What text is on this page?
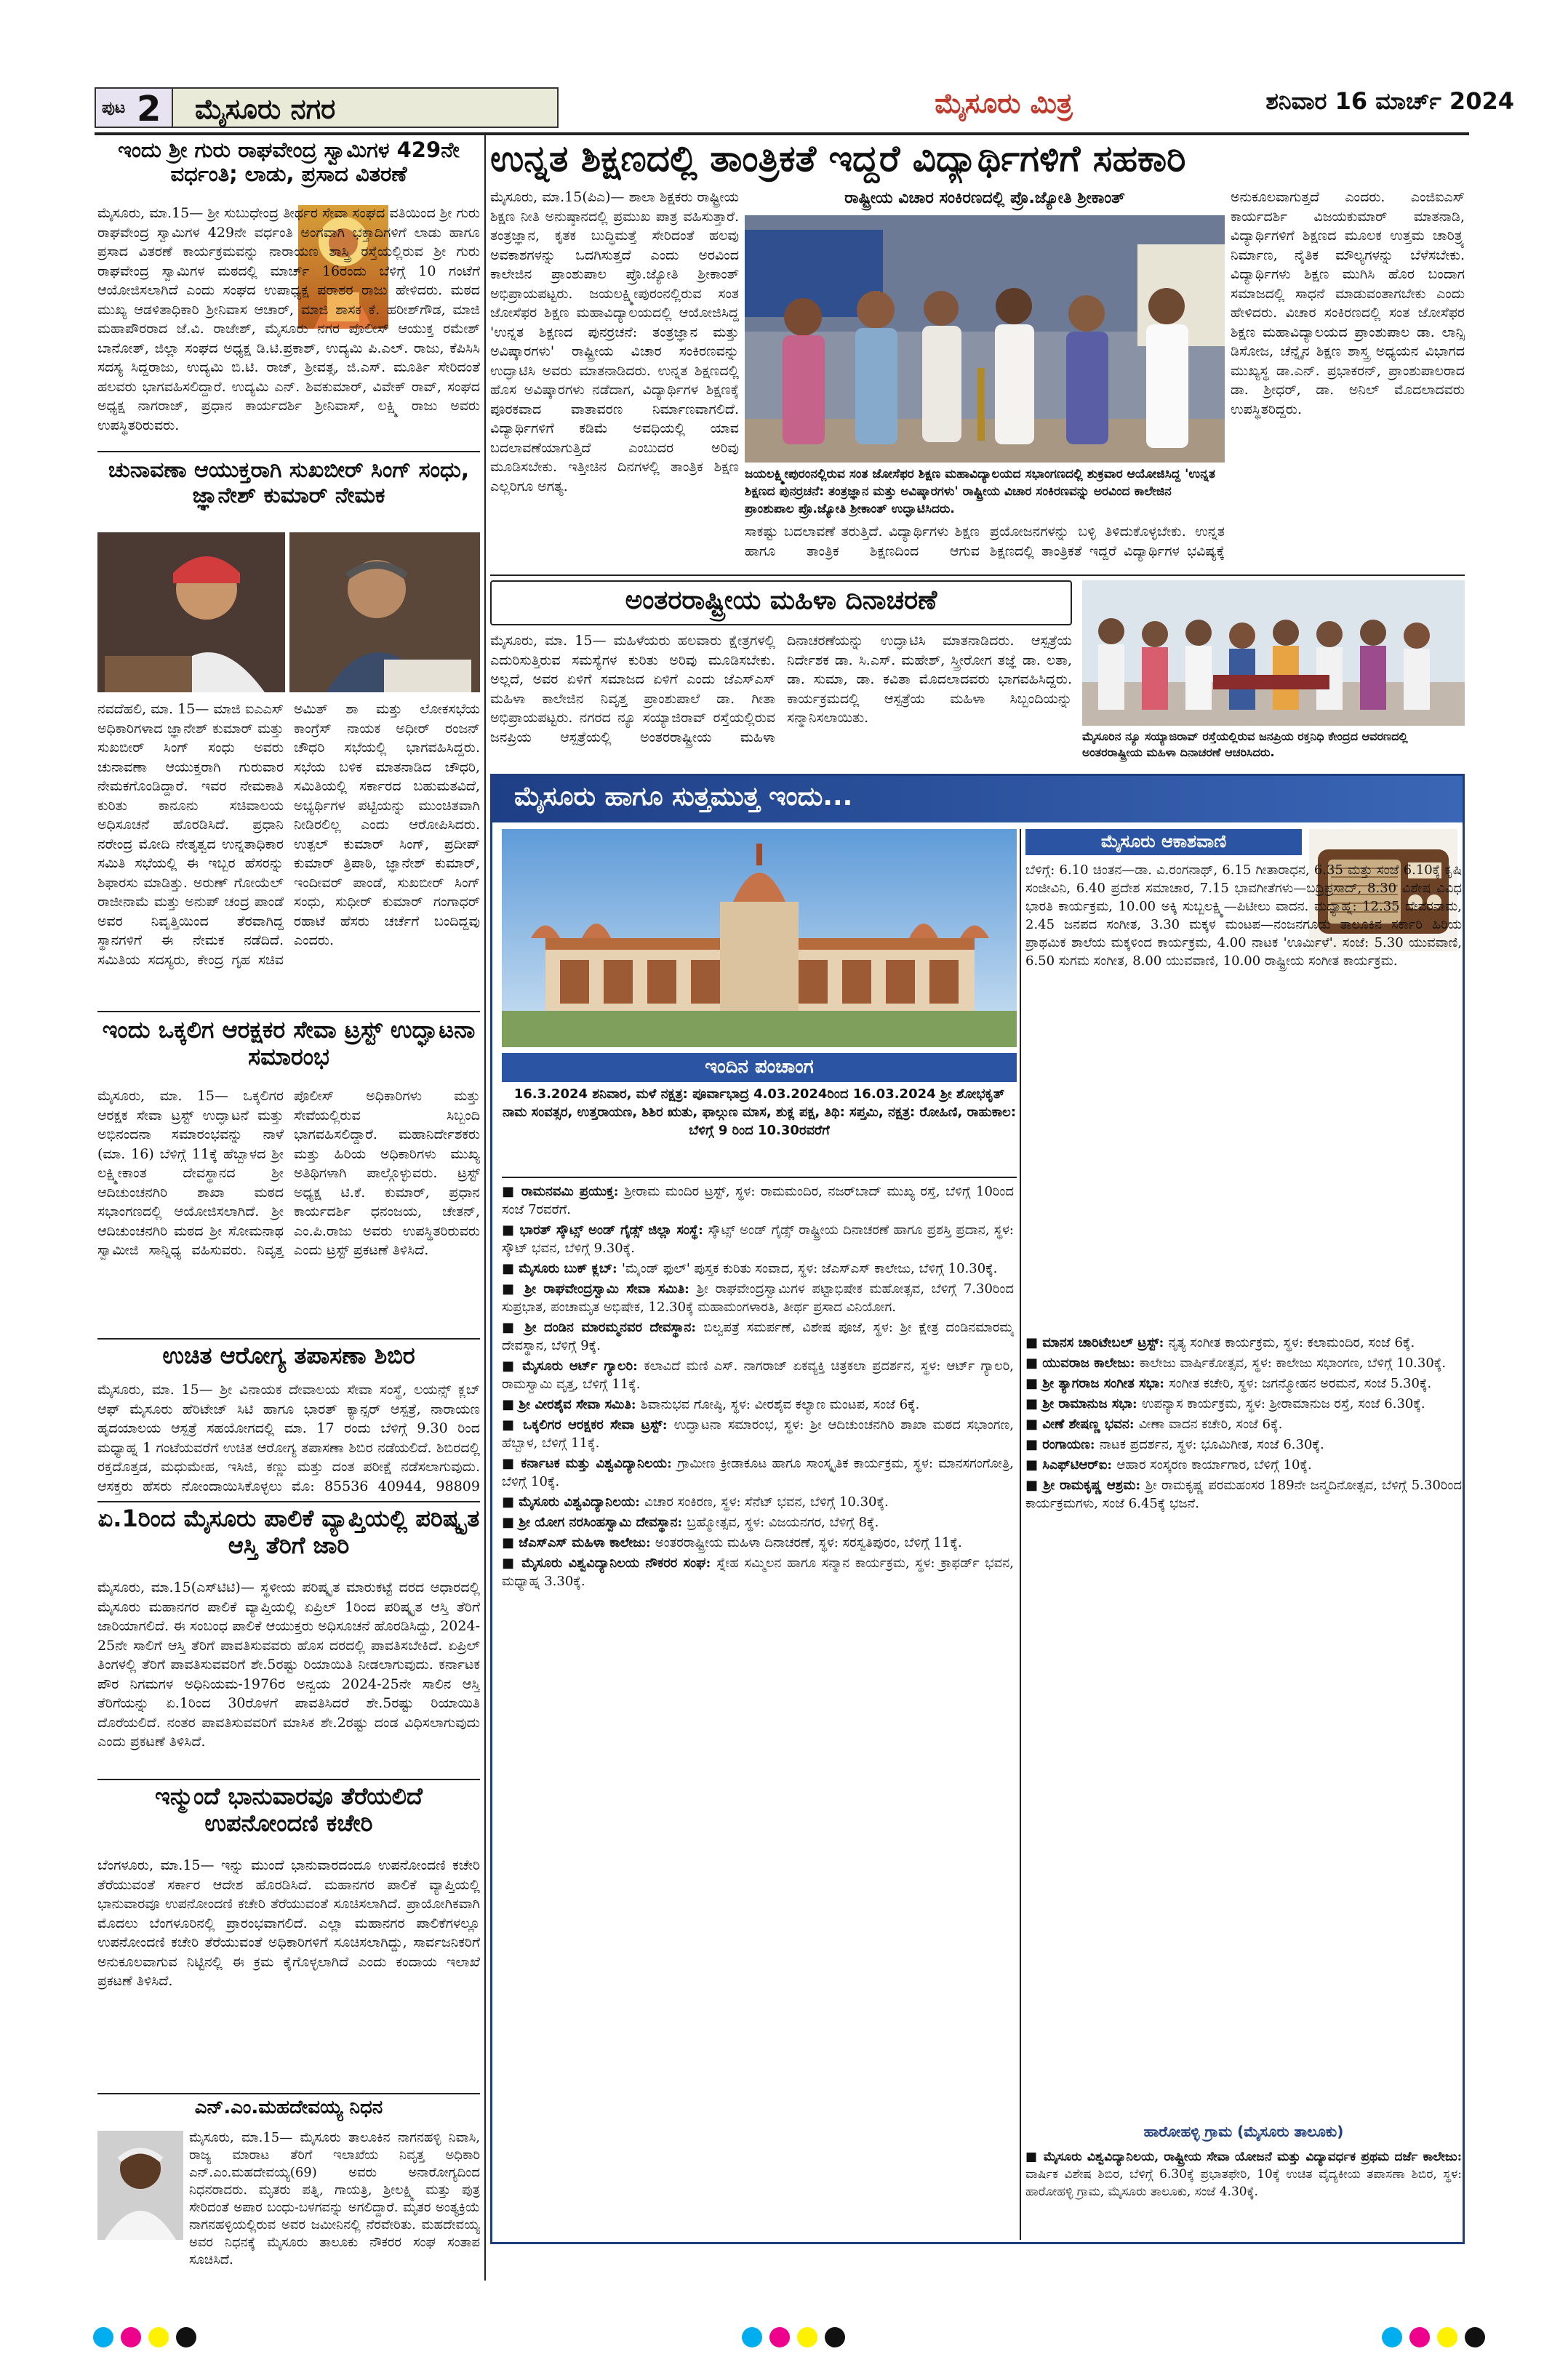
ಪುಟ 2 ಮೈಸೂರು ನಗರ	ಮೈಸೂರು ಮಿತ್ರ	ಶನಿವಾರ 16 ಮಾರ್ಚ್ 2024
ಇಂದು ಶ್ರೀ ಗುರು ರಾಘವೇಂದ್ರ ಸ್ವಾಮಿಗಳ 429ನೇ ವರ್ಧಂತಿ; ಲಾಡು, ಪ್ರಸಾದ ವಿತರಣೆ
ಮೈಸೂರು, ಮಾ.15— ಶ್ರೀ ಸುಬುಧೇಂದ್ರ ತೀರ್ಥರ ಸೇವಾ ಸಂಘದ ವತಿಯಿಂದ ಶ್ರೀ ಗುರು ರಾಘವೇಂದ್ರ ಸ್ವಾಮಿಗಳ 429ನೇ ವರ್ಧಂತಿ ಅಂಗವಾಗಿ ಭಕ್ತಾದಿಗಳಿಗೆ ಲಾಡು ಹಾಗೂ ಪ್ರಸಾದ ವಿತರಣೆ ಕಾರ್ಯಕ್ರಮವನ್ನು ನಾರಾಯಣ ಶಾಸ್ತ್ರಿ ರಸ್ತೆಯಲ್ಲಿರುವ ಶ್ರೀ ಗುರು ರಾಘವೇಂದ್ರ ಸ್ವಾಮಿಗಳ ಮಠದಲ್ಲಿ ಮಾರ್ಚ್ 16ರಂದು ಬೆಳಿಗ್ಗೆ 10 ಗಂಟೆಗೆ ಆಯೋಜಿಸಲಾಗಿದೆ ಎಂದು ಸಂಘದ ಉಪಾಧ್ಯಕ್ಷ ಪರಾಶರ ರಾಜು ಹೇಳಿದರು. ಮಠದ ಮುಖ್ಯ ಆಡಳಿತಾಧಿಕಾರಿ ಶ್ರೀನಿವಾಸ ಆಚಾರ್, ಮಾಜಿ ಶಾಸಕ ಕೆ. ಹರೀಶ್‌ಗೌಡ, ಮಾಜಿ ಮಹಾಪೌರರಾದ ಜೆ.ವಿ. ರಾಜೇಶ್, ಮೈಸೂರು ನಗರ ಪೊಲೀಸ್ ಆಯುಕ್ತ ರಮೇಶ್ ಬಾನೋತ್, ಜಿಲ್ಲಾ ಸಂಘದ ಅಧ್ಯಕ್ಷ ಡಿ.ಟಿ.ಪ್ರಕಾಶ್, ಉದ್ಯಮಿ ಪಿ.ಎಲ್. ರಾಜು, ಕೆಪಿಸಿಸಿ ಸದಸ್ಯ ಸಿದ್ದರಾಜು, ಉದ್ಯಮಿ ಬಿ.ಟಿ. ರಾಜ್, ಶ್ರೀವತ್ಸ, ಜಿ.ಎಸ್. ಮೂರ್ತಿ ಸೇರಿದಂತೆ ಹಲವರು ಭಾಗವಹಿಸಲಿದ್ದಾರೆ. ಉದ್ಯಮಿ ಎನ್. ಶಿವಕುಮಾರ್, ವಿವೇಕ್ ರಾವ್, ಸಂಘದ ಅಧ್ಯಕ್ಷ ನಾಗರಾಜ್, ಪ್ರಧಾನ ಕಾರ್ಯದರ್ಶಿ ಶ್ರೀನಿವಾಸ್, ಲಕ್ಷ್ಮಿ ರಾಜು ಅವರು ಉಪಸ್ಥಿತರಿರುವರು.
ಚುನಾವಣಾ ಆಯುಕ್ತರಾಗಿ ಸುಖಬೀರ್ ಸಿಂಗ್ ಸಂಧು, ಜ್ಞಾನೇಶ್ ಕುಮಾರ್ ನೇಮಕ
ನವದೆಹಲಿ, ಮಾ. 15— ಮಾಜಿ ಐಎಎಸ್ ಅಧಿಕಾರಿಗಳಾದ ಜ್ಞಾನೇಶ್ ಕುಮಾರ್ ಮತ್ತು ಸುಖಬೀರ್ ಸಿಂಗ್ ಸಂಧು ಅವರು ಚುನಾವಣಾ ಆಯುಕ್ತರಾಗಿ ಗುರುವಾರ ನೇಮಕಗೊಂಡಿದ್ದಾರೆ. ಇವರ ನೇಮಕಾತಿ ಕುರಿತು ಕಾನೂನು ಸಚಿವಾಲಯ ಅಧಿಸೂಚನೆ ಹೊರಡಿಸಿದೆ. ಪ್ರಧಾನಿ ನರೇಂದ್ರ ಮೋದಿ ನೇತೃತ್ವದ ಉನ್ನತಾಧಿಕಾರ ಸಮಿತಿ ಸಭೆಯಲ್ಲಿ ಈ ಇಬ್ಬರ ಹೆಸರನ್ನು ಶಿಫಾರಸು ಮಾಡಿತ್ತು. ಅರುಣ್ ಗೋಯೆಲ್ ರಾಜೀನಾಮೆ ಮತ್ತು ಅನುಪ್ ಚಂದ್ರ ಪಾಂಡೆ ಅವರ ನಿವೃತ್ತಿಯಿಂದ ತೆರವಾಗಿದ್ದ ಸ್ಥಾನಗಳಿಗೆ ಈ ನೇಮಕ ನಡೆದಿದೆ. ಸಮಿತಿಯ ಸದಸ್ಯರು, ಕೇಂದ್ರ ಗೃಹ ಸಚಿವ ಅಮಿತ್ ಶಾ ಮತ್ತು ಲೋಕಸಭೆಯ ಕಾಂಗ್ರೆಸ್ ನಾಯಕ ಅಧೀರ್ ರಂಜನ್ ಚೌಧರಿ ಸಭೆಯಲ್ಲಿ ಭಾಗವಹಿಸಿದ್ದರು. ಸಭೆಯ ಬಳಿಕ ಮಾತನಾಡಿದ ಚೌಧರಿ, ಸಮಿತಿಯಲ್ಲಿ ಸರ್ಕಾರದ ಬಹುಮತವಿದೆ, ಅಭ್ಯರ್ಥಿಗಳ ಪಟ್ಟಿಯನ್ನು ಮುಂಚಿತವಾಗಿ ನೀಡಿರಲಿಲ್ಲ ಎಂದು ಆರೋಪಿಸಿದರು. ಉತ್ಪಲ್ ಕುಮಾರ್ ಸಿಂಗ್, ಪ್ರದೀಪ್ ಕುಮಾರ್ ತ್ರಿಪಾಠಿ, ಜ್ಞಾನೇಶ್ ಕುಮಾರ್, ಇಂದೀವರ್ ಪಾಂಡೆ, ಸುಖಬೀರ್ ಸಿಂಗ್ ಸಂಧು, ಸುಧೀರ್ ಕುಮಾರ್ ಗಂಗಾಧರ್ ರಹಾಟೆ ಹೆಸರು ಚರ್ಚೆಗೆ ಬಂದಿದ್ದವು ಎಂದರು.
ಇಂದು ಒಕ್ಕಲಿಗ ಆರಕ್ಷಕರ ಸೇವಾ ಟ್ರಸ್ಟ್ ಉದ್ಘಾಟನಾ ಸಮಾರಂಭ
ಮೈಸೂರು, ಮಾ. 15— ಒಕ್ಕಲಿಗರ ಆರಕ್ಷಕ ಸೇವಾ ಟ್ರಸ್ಟ್ ಉದ್ಘಾಟನೆ ಮತ್ತು ಅಭಿನಂದನಾ ಸಮಾರಂಭವನ್ನು ನಾಳೆ (ಮಾ. 16) ಬೆಳಿಗ್ಗೆ 11ಕ್ಕೆ ಹೆಬ್ಬಾಳದ ಶ್ರೀ ಲಕ್ಷ್ಮೀಕಾಂತ ದೇವಸ್ಥಾನದ ಶ್ರೀ ಆದಿಚುಂಚನಗಿರಿ ಶಾಖಾ ಮಠದ ಸಭಾಂಗಣದಲ್ಲಿ ಆಯೋಜಿಸಲಾಗಿದೆ. ಶ್ರೀ ಆದಿಚುಂಚನಗಿರಿ ಮಠದ ಶ್ರೀ ಸೋಮನಾಥ ಸ್ವಾಮೀಜಿ ಸಾನ್ನಿಧ್ಯ ವಹಿಸುವರು. ನಿವೃತ್ತ ಪೊಲೀಸ್ ಅಧಿಕಾರಿಗಳು ಮತ್ತು ಸೇವೆಯಲ್ಲಿರುವ ಸಿಬ್ಬಂದಿ ಭಾಗವಹಿಸಲಿದ್ದಾರೆ. ಮಹಾನಿರ್ದೇಶಕರು ಮತ್ತು ಹಿರಿಯ ಅಧಿಕಾರಿಗಳು ಮುಖ್ಯ ಅತಿಥಿಗಳಾಗಿ ಪಾಲ್ಗೊಳ್ಳುವರು. ಟ್ರಸ್ಟ್ ಅಧ್ಯಕ್ಷ ಟಿ.ಕೆ. ಕುಮಾರ್, ಪ್ರಧಾನ ಕಾರ್ಯದರ್ಶಿ ಧನಂಜಯ, ಚೇತನ್, ಎಂ.ಪಿ.ರಾಜು ಅವರು ಉಪಸ್ಥಿತರಿರುವರು ಎಂದು ಟ್ರಸ್ಟ್ ಪ್ರಕಟಣೆ ತಿಳಿಸಿದೆ.
ಉಚಿತ ಆರೋಗ್ಯ ತಪಾಸಣಾ ಶಿಬಿರ
ಮೈಸೂರು, ಮಾ. 15— ಶ್ರೀ ವಿನಾಯಕ ದೇವಾಲಯ ಸೇವಾ ಸಂಸ್ಥೆ, ಲಯನ್ಸ್ ಕ್ಲಬ್ ಆಫ್ ಮೈಸೂರು ಹೆರಿಟೇಜ್ ಸಿಟಿ ಹಾಗೂ ಭಾರತ್ ಕ್ಯಾನ್ಸರ್ ಆಸ್ಪತ್ರೆ, ನಾರಾಯಣ ಹೃದಯಾಲಯ ಆಸ್ಪತ್ರೆ ಸಹಯೋಗದಲ್ಲಿ ಮಾ. 17 ರಂದು ಬೆಳಿಗ್ಗೆ 9.30 ರಿಂದ ಮಧ್ಯಾಹ್ನ 1 ಗಂಟೆಯವರೆಗೆ ಉಚಿತ ಆರೋಗ್ಯ ತಪಾಸಣಾ ಶಿಬಿರ ನಡೆಯಲಿದೆ. ಶಿಬಿರದಲ್ಲಿ ರಕ್ತದೊತ್ತಡ, ಮಧುಮೇಹ, ಇಸಿಜಿ, ಕಣ್ಣು ಮತ್ತು ದಂತ ಪರೀಕ್ಷೆ ನಡೆಸಲಾಗುವುದು. ಆಸಕ್ತರು ಹೆಸರು ನೋಂದಾಯಿಸಿಕೊಳ್ಳಲು ಮೊ: 85536 40944, 98809
ಏ.1ರಿಂದ ಮೈಸೂರು ಪಾಲಿಕೆ ವ್ಯಾಪ್ತಿಯಲ್ಲಿ ಪರಿಷ್ಕೃತ ಆಸ್ತಿ ತೆರಿಗೆ ಜಾರಿ
ಮೈಸೂರು, ಮಾ.15(ಎಸ್‌ಟಿಟಿ)— ಸ್ಥಳೀಯ ಪರಿಷ್ಕೃತ ಮಾರುಕಟ್ಟೆ ದರದ ಆಧಾರದಲ್ಲಿ ಮೈಸೂರು ಮಹಾನಗರ ಪಾಲಿಕೆ ವ್ಯಾಪ್ತಿಯಲ್ಲಿ ಏಪ್ರಿಲ್ 1ರಿಂದ ಪರಿಷ್ಕೃತ ಆಸ್ತಿ ತೆರಿಗೆ ಜಾರಿಯಾಗಲಿದೆ. ಈ ಸಂಬಂಧ ಪಾಲಿಕೆ ಆಯುಕ್ತರು ಅಧಿಸೂಚನೆ ಹೊರಡಿಸಿದ್ದು, 2024-25ನೇ ಸಾಲಿಗೆ ಆಸ್ತಿ ತೆರಿಗೆ ಪಾವತಿಸುವವರು ಹೊಸ ದರದಲ್ಲಿ ಪಾವತಿಸಬೇಕಿದೆ. ಏಪ್ರಿಲ್ ತಿಂಗಳಲ್ಲಿ ತೆರಿಗೆ ಪಾವತಿಸುವವರಿಗೆ ಶೇ.5ರಷ್ಟು ರಿಯಾಯಿತಿ ನೀಡಲಾಗುವುದು. ಕರ್ನಾಟಕ ಪೌರ ನಿಗಮಗಳ ಅಧಿನಿಯಮ-1976ರ ಅನ್ವಯ 2024-25ನೇ ಸಾಲಿನ ಆಸ್ತಿ ತೆರಿಗೆಯನ್ನು ಏ.1ರಿಂದ 30ರೊಳಗೆ ಪಾವತಿಸಿದರೆ ಶೇ.5ರಷ್ಟು ರಿಯಾಯಿತಿ ದೊರೆಯಲಿದೆ. ನಂತರ ಪಾವತಿಸುವವರಿಗೆ ಮಾಸಿಕ ಶೇ.2ರಷ್ಟು ದಂಡ ವಿಧಿಸಲಾಗುವುದು ಎಂದು ಪ್ರಕಟಣೆ ತಿಳಿಸಿದೆ.
ಇನ್ಮುಂದೆ ಭಾನುವಾರವೂ ತೆರೆಯಲಿದೆ ಉಪನೋಂದಣಿ ಕಚೇರಿ
ಬೆಂಗಳೂರು, ಮಾ.15— ಇನ್ನು ಮುಂದೆ ಭಾನುವಾರದಂದೂ ಉಪನೋಂದಣಿ ಕಚೇರಿ ತೆರೆಯುವಂತೆ ಸರ್ಕಾರ ಆದೇಶ ಹೊರಡಿಸಿದೆ. ಮಹಾನಗರ ಪಾಲಿಕೆ ವ್ಯಾಪ್ತಿಯಲ್ಲಿ ಭಾನುವಾರವೂ ಉಪನೋಂದಣಿ ಕಚೇರಿ ತೆರೆಯುವಂತೆ ಸೂಚಿಸಲಾಗಿದೆ. ಪ್ರಾಯೋಗಿಕವಾಗಿ ಮೊದಲು ಬೆಂಗಳೂರಿನಲ್ಲಿ ಪ್ರಾರಂಭವಾಗಲಿದೆ. ಎಲ್ಲಾ ಮಹಾನಗರ ಪಾಲಿಕೆಗಳಲ್ಲೂ ಉಪನೋಂದಣಿ ಕಚೇರಿ ತೆರೆಯುವಂತೆ ಅಧಿಕಾರಿಗಳಿಗೆ ಸೂಚಿಸಲಾಗಿದ್ದು, ಸಾರ್ವಜನಿಕರಿಗೆ ಅನುಕೂಲವಾಗುವ ನಿಟ್ಟಿನಲ್ಲಿ ಈ ಕ್ರಮ ಕೈಗೊಳ್ಳಲಾಗಿದೆ ಎಂದು ಕಂದಾಯ ಇಲಾಖೆ ಪ್ರಕಟಣೆ ತಿಳಿಸಿದೆ.
ಎನ್.ಎಂ.ಮಹದೇವಯ್ಯ ನಿಧನ
ಮೈಸೂರು, ಮಾ.15— ಮೈಸೂರು ತಾಲೂಕಿನ ನಾಗನಹಳ್ಳಿ ನಿವಾಸಿ, ರಾಜ್ಯ ಮಾರಾಟ ತೆರಿಗೆ ಇಲಾಖೆಯ ನಿವೃತ್ತ ಅಧಿಕಾರಿ ಎನ್.ಎಂ.ಮಹದೇವಯ್ಯ(69) ಅವರು ಅನಾರೋಗ್ಯದಿಂದ ನಿಧನರಾದರು. ಮೃತರು ಪತ್ನಿ, ಗಾಯತ್ರಿ, ಶ್ರೀಲಕ್ಷ್ಮಿ ಮತ್ತು ಪುತ್ರ ಸೇರಿದಂತೆ ಅಪಾರ ಬಂಧು-ಬಳಗವನ್ನು ಅಗಲಿದ್ದಾರೆ. ಮೃತರ ಅಂತ್ಯಕ್ರಿಯೆ ನಾಗನಹಳ್ಳಿಯಲ್ಲಿರುವ ಅವರ ಜಮೀನಿನಲ್ಲಿ ನೆರವೇರಿತು. ಮಹದೇವಯ್ಯ ಅವರ ನಿಧನಕ್ಕೆ ಮೈಸೂರು ತಾಲೂಕು ನೌಕರರ ಸಂಘ ಸಂತಾಪ ಸೂಚಿಸಿದೆ.
ಉನ್ನತ ಶಿಕ್ಷಣದಲ್ಲಿ ತಾಂತ್ರಿಕತೆ ಇದ್ದರೆ ವಿದ್ಯಾರ್ಥಿಗಳಿಗೆ ಸಹಕಾರಿ
ಮೈಸೂರು, ಮಾ.15(ಪಿಎ)— ಶಾಲಾ ಶಿಕ್ಷಕರು ರಾಷ್ಟ್ರೀಯ ಶಿಕ್ಷಣ ನೀತಿ ಅನುಷ್ಠಾನದಲ್ಲಿ ಪ್ರಮುಖ ಪಾತ್ರ ವಹಿಸುತ್ತಾರೆ. ತಂತ್ರಜ್ಞಾನ, ಕೃತಕ ಬುದ್ಧಿಮತ್ತೆ ಸೇರಿದಂತೆ ಹಲವು ಅವಕಾಶಗಳನ್ನು ಒದಗಿಸುತ್ತದೆ ಎಂದು ಅರವಿಂದ ಕಾಲೇಜಿನ ಪ್ರಾಂಶುಪಾಲ ಪ್ರೊ.ಜ್ಯೋತಿ ಶ್ರೀಕಾಂತ್ ಅಭಿಪ್ರಾಯಪಟ್ಟರು. ಜಯಲಕ್ಷ್ಮೀಪುರಂನಲ್ಲಿರುವ ಸಂತ ಜೋಸೆಫರ ಶಿಕ್ಷಣ ಮಹಾವಿದ್ಯಾಲಯದಲ್ಲಿ ಆಯೋಜಿಸಿದ್ದ 'ಉನ್ನತ ಶಿಕ್ಷಣದ ಪುನರ್ರಚನೆ: ತಂತ್ರಜ್ಞಾನ ಮತ್ತು ಅವಿಷ್ಕಾರಗಳು' ರಾಷ್ಟ್ರೀಯ ವಿಚಾರ ಸಂಕಿರಣವನ್ನು ಉದ್ಘಾಟಿಸಿ ಅವರು ಮಾತನಾಡಿದರು. ಉನ್ನತ ಶಿಕ್ಷಣದಲ್ಲಿ ಹೊಸ ಅವಿಷ್ಕಾರಗಳು ನಡೆದಾಗ, ವಿದ್ಯಾರ್ಥಿಗಳ ಶಿಕ್ಷಣಕ್ಕೆ ಪೂರಕವಾದ ವಾತಾವರಣ ನಿರ್ಮಾಣವಾಗಲಿದೆ. ವಿದ್ಯಾರ್ಥಿಗಳಿಗೆ ಕಡಿಮೆ ಅವಧಿಯಲ್ಲಿ ಯಾವ ಬದಲಾವಣೆಯಾಗುತ್ತಿದೆ ಎಂಬುದರ ಅರಿವು ಮೂಡಿಸಬೇಕು. ಇತ್ತೀಚಿನ ದಿನಗಳಲ್ಲಿ ತಾಂತ್ರಿಕ ಶಿಕ್ಷಣ ಎಲ್ಲರಿಗೂ ಅಗತ್ಯ.
ರಾಷ್ಟ್ರೀಯ ವಿಚಾರ ಸಂಕಿರಣದಲ್ಲಿ ಪ್ರೊ.ಜ್ಯೋತಿ ಶ್ರೀಕಾಂತ್
ಜಯಲಕ್ಷ್ಮೀಪುರಂನಲ್ಲಿರುವ ಸಂತ ಜೋಸೆಫರ ಶಿಕ್ಷಣ ಮಹಾವಿದ್ಯಾಲಯದ ಸಭಾಂಗಣದಲ್ಲಿ ಶುಕ್ರವಾರ ಆಯೋಜಿಸಿದ್ದ 'ಉನ್ನತ ಶಿಕ್ಷಣದ ಪುನರ್ರಚನೆ: ತಂತ್ರಜ್ಞಾನ ಮತ್ತು ಅವಿಷ್ಕಾರಗಳು' ರಾಷ್ಟ್ರೀಯ ವಿಚಾರ ಸಂಕಿರಣವನ್ನು ಅರವಿಂದ ಕಾಲೇಜಿನ ಪ್ರಾಂಶುಪಾಲ ಪ್ರೊ.ಜ್ಯೋತಿ ಶ್ರೀಕಾಂತ್ ಉದ್ಘಾಟಿಸಿದರು.
ಸಾಕಷ್ಟು ಬದಲಾವಣೆ ತರುತ್ತಿದೆ. ವಿದ್ಯಾರ್ಥಿಗಳು ಶಿಕ್ಷಣ ಹಾಗೂ ತಾಂತ್ರಿಕ ಶಿಕ್ಷಣದಿಂದ ಆಗುವ ಪ್ರಯೋಜನಗಳನ್ನು ಬಳ್ಳಿ ತಿಳಿದುಕೊಳ್ಳಬೇಕು. ಉನ್ನತ ಶಿಕ್ಷಣದಲ್ಲಿ ತಾಂತ್ರಿಕತೆ ಇದ್ದರೆ ವಿದ್ಯಾರ್ಥಿಗಳ ಭವಿಷ್ಯಕ್ಕೆ
ಅನುಕೂಲವಾಗುತ್ತದೆ ಎಂದರು. ಎಂಜಿಐಎಸ್ ಕಾರ್ಯದರ್ಶಿ ವಿಜಯಕುಮಾರ್ ಮಾತನಾಡಿ, ವಿದ್ಯಾರ್ಥಿಗಳಿಗೆ ಶಿಕ್ಷಣದ ಮೂಲಕ ಉತ್ತಮ ಚಾರಿತ್ರ್ಯ ನಿರ್ಮಾಣ, ನೈತಿಕ ಮೌಲ್ಯಗಳನ್ನು ಬೆಳೆಸಬೇಕು. ವಿದ್ಯಾರ್ಥಿಗಳು ಶಿಕ್ಷಣ ಮುಗಿಸಿ ಹೊರ ಬಂದಾಗ ಸಮಾಜದಲ್ಲಿ ಸಾಧನೆ ಮಾಡುವಂತಾಗಬೇಕು ಎಂದು ಹೇಳಿದರು. ವಿಚಾರ ಸಂಕಿರಣದಲ್ಲಿ ಸಂತ ಜೋಸೆಫರ ಶಿಕ್ಷಣ ಮಹಾವಿದ್ಯಾಲಯದ ಪ್ರಾಂಶುಪಾಲ ಡಾ. ಲಾನ್ಸಿ ಡಿಸೋಜ, ಚೆನ್ನೈನ ಶಿಕ್ಷಣ ಶಾಸ್ತ್ರ ಅಧ್ಯಯನ ವಿಭಾಗದ ಮುಖ್ಯಸ್ಥ ಡಾ.ಎನ್. ಪ್ರಭಾಕರನ್, ಪ್ರಾಂಶುಪಾಲರಾದ ಡಾ. ಶ್ರೀಧರ್, ಡಾ. ಅನಿಲ್ ಮೊದಲಾದವರು ಉಪಸ್ಥಿತರಿದ್ದರು.
ಅಂತರರಾಷ್ಟ್ರೀಯ ಮಹಿಳಾ ದಿನಾಚರಣೆ
ಮೈಸೂರು, ಮಾ. 15— ಮಹಿಳೆಯರು ಹಲವಾರು ಕ್ಷೇತ್ರಗಳಲ್ಲಿ ಎದುರಿಸುತ್ತಿರುವ ಸಮಸ್ಯೆಗಳ ಕುರಿತು ಅರಿವು ಮೂಡಿಸಬೇಕು. ಅಲ್ಲದೆ, ಅವರ ಏಳಿಗೆ ಸಮಾಜದ ಏಳಿಗೆ ಎಂದು ಜೆಎಸ್‌ಎಸ್ ಮಹಿಳಾ ಕಾಲೇಜಿನ ನಿವೃತ್ತ ಪ್ರಾಂಶುಪಾಲೆ ಡಾ. ಗೀತಾ ಅಭಿಪ್ರಾಯಪಟ್ಟರು. ನಗರದ ನ್ಯೂ ಸಯ್ಯಾಜಿರಾವ್ ರಸ್ತೆಯಲ್ಲಿರುವ ಜನಪ್ರಿಯ ಆಸ್ಪತ್ರೆಯಲ್ಲಿ ಅಂತರರಾಷ್ಟ್ರೀಯ ಮಹಿಳಾ ದಿನಾಚರಣೆಯನ್ನು ಉದ್ಘಾಟಿಸಿ ಮಾತನಾಡಿದರು. ಆಸ್ಪತ್ರೆಯ ನಿರ್ದೇಶಕ ಡಾ. ಸಿ.ಎಸ್. ಮಹೇಶ್, ಸ್ತ್ರೀರೋಗ ತಜ್ಞೆ ಡಾ. ಲತಾ, ಡಾ. ಸುಮಾ, ಡಾ. ಕವಿತಾ ಮೊದಲಾದವರು ಭಾಗವಹಿಸಿದ್ದರು. ಕಾರ್ಯಕ್ರಮದಲ್ಲಿ ಆಸ್ಪತ್ರೆಯ ಮಹಿಳಾ ಸಿಬ್ಬಂದಿಯನ್ನು ಸನ್ಮಾನಿಸಲಾಯಿತು.
ಮೈಸೂರಿನ ನ್ಯೂ ಸಯ್ಯಾಜಿರಾವ್ ರಸ್ತೆಯಲ್ಲಿರುವ ಜನಪ್ರಿಯ ರಕ್ತನಿಧಿ ಕೇಂದ್ರದ ಆವರಣದಲ್ಲಿ ಅಂತರರಾಷ್ಟ್ರೀಯ ಮಹಿಳಾ ದಿನಾಚರಣೆ ಆಚರಿಸಿದರು.
ಮೈಸೂರು ಹಾಗೂ ಸುತ್ತಮುತ್ತ ಇಂದು...
ಇಂದಿನ ಪಂಚಾಂಗ
16.3.2024 ಶನಿವಾರ, ಮಳೆ ನಕ್ಷತ್ರ: ಪೂರ್ವಾಭಾದ್ರ 4.03.2024ರಿಂದ 16.03.2024 ಶ್ರೀ ಶೋಭಕೃತ್ ನಾಮ ಸಂವತ್ಸರ, ಉತ್ತರಾಯಣ, ಶಿಶಿರ ಋತು, ಫಾಲ್ಗುಣ ಮಾಸ, ಶುಕ್ಲ ಪಕ್ಷ, ತಿಥಿ: ಸಪ್ತಮಿ, ನಕ್ಷತ್ರ: ರೋಹಿಣಿ, ರಾಹುಕಾಲ: ಬೆಳಿಗ್ಗೆ 9 ರಿಂದ 10.30ರವರೆಗೆ
ಮೈಸೂರು ಆಕಾಶವಾಣಿ
ಬೆಳಿಗ್ಗೆ: 6.10 ಚಿಂತನ—ಡಾ. ವಿ.ರಂಗನಾಥ್, 6.15 ಗೀತಾರಾಧನ, 6.35 ಮತ್ತು ಸಂಜೆ 6.10ಕ್ಕೆ ಕೃಷಿ ಸಂಜೀವಿನಿ, 6.40 ಪ್ರದೇಶ ಸಮಾಚಾರ, 7.15 ಭಾವಗೀತೆಗಳು—ಬದ್ರಿಪ್ರಸಾದ್, 8.30 ವಿಶೇಷ ವಿವಿಧ ಭಾರತಿ ಕಾರ್ಯಕ್ರಮ, 10.00 ಅಕ್ಕಿ ಸುಬ್ಬಲಕ್ಷ್ಮಿ—ಪಿಟೀಲು ವಾದನ. ಮಧ್ಯಾಹ್ನ: 12.35 ದೇವರನಾಮ, 2.45 ಜನಪದ ಸಂಗೀತ, 3.30 ಮಕ್ಕಳ ಮಂಟಪ—ನಂಜನಗೂಡು ತಾಲೂಕಿನ ಸರ್ಕಾರಿ ಹಿರಿಯ ಪ್ರಾಥಮಿಕ ಶಾಲೆಯ ಮಕ್ಕಳಿಂದ ಕಾರ್ಯಕ್ರಮ, 4.00 ನಾಟಕ 'ಊರ್ಮಿಳೆ'. ಸಂಜೆ: 5.30 ಯುವವಾಣಿ, 6.50 ಸುಗಮ ಸಂಗೀತ, 8.00 ಯುವವಾಣಿ, 10.00 ರಾಷ್ಟ್ರೀಯ ಸಂಗೀತ ಕಾರ್ಯಕ್ರಮ.
■ ರಾಮನವಮಿ ಪ್ರಯುಕ್ತ: ಶ್ರೀರಾಮ ಮಂದಿರ ಟ್ರಸ್ಟ್, ಸ್ಥಳ: ರಾಮಮಂದಿರ, ನಜರ್‌ಬಾದ್ ಮುಖ್ಯ ರಸ್ತೆ, ಬೆಳಿಗ್ಗೆ 10ರಿಂದ ಸಂಜೆ 7ರವರೆಗೆ.
■ ಭಾರತ್ ಸ್ಕೌಟ್ಸ್ ಅಂಡ್ ಗೈಡ್ಸ್ ಜಿಲ್ಲಾ ಸಂಸ್ಥೆ: ಸ್ಕೌಟ್ಸ್ ಅಂಡ್ ಗೈಡ್ಸ್ ರಾಷ್ಟ್ರೀಯ ದಿನಾಚರಣೆ ಹಾಗೂ ಪ್ರಶಸ್ತಿ ಪ್ರದಾನ, ಸ್ಥಳ: ಸ್ಕೌಟ್ ಭವನ, ಬೆಳಿಗ್ಗೆ 9.30ಕ್ಕೆ.
■ ಮೈಸೂರು ಬುಕ್ ಕ್ಲಬ್: 'ಮೈಂಡ್ ಫುಲ್' ಪುಸ್ತಕ ಕುರಿತು ಸಂವಾದ, ಸ್ಥಳ: ಜೆಎಸ್‌ಎಸ್ ಕಾಲೇಜು, ಬೆಳಿಗ್ಗೆ 10.30ಕ್ಕೆ.
■ ಶ್ರೀ ರಾಘವೇಂದ್ರಸ್ವಾಮಿ ಸೇವಾ ಸಮಿತಿ: ಶ್ರೀ ರಾಘವೇಂದ್ರಸ್ವಾಮಿಗಳ ಪಟ್ಟಾಭಿಷೇಕ ಮಹೋತ್ಸವ, ಬೆಳಿಗ್ಗೆ 7.30ರಿಂದ ಸುಪ್ರಭಾತ, ಪಂಚಾಮೃತ ಅಭಿಷೇಕ, 12.30ಕ್ಕೆ ಮಹಾಮಂಗಳಾರತಿ, ತೀರ್ಥ ಪ್ರಸಾದ ವಿನಿಯೋಗ.
■ ಶ್ರೀ ದಂಡಿನ ಮಾರಮ್ಮನವರ ದೇವಸ್ಥಾನ: ಬಿಲ್ವಪತ್ರೆ ಸಮರ್ಪಣೆ, ವಿಶೇಷ ಪೂಜೆ, ಸ್ಥಳ: ಶ್ರೀ ಕ್ಷೇತ್ರ ದಂಡಿನಮಾರಮ್ಮ ದೇವಸ್ಥಾನ, ಬೆಳಿಗ್ಗೆ 9ಕ್ಕೆ.
■ ಮೈಸೂರು ಆರ್ಟ್ ಗ್ಯಾಲರಿ: ಕಲಾವಿದೆ ಮಣಿ ಎಸ್. ನಾಗರಾಜ್ ಏಕವ್ಯಕ್ತಿ ಚಿತ್ರಕಲಾ ಪ್ರದರ್ಶನ, ಸ್ಥಳ: ಆರ್ಟ್ ಗ್ಯಾಲರಿ, ರಾಮಸ್ವಾಮಿ ವೃತ್ತ, ಬೆಳಿಗ್ಗೆ 11ಕ್ಕೆ.
■ ಶ್ರೀ ವೀರಶೈವ ಸೇವಾ ಸಮಿತಿ: ಶಿವಾನುಭವ ಗೋಷ್ಠಿ, ಸ್ಥಳ: ವೀರಶೈವ ಕಲ್ಯಾಣ ಮಂಟಪ, ಸಂಜೆ 6ಕ್ಕೆ.
■ ಒಕ್ಕಲಿಗರ ಆರಕ್ಷಕರ ಸೇವಾ ಟ್ರಸ್ಟ್: ಉದ್ಘಾಟನಾ ಸಮಾರಂಭ, ಸ್ಥಳ: ಶ್ರೀ ಆದಿಚುಂಚನಗಿರಿ ಶಾಖಾ ಮಠದ ಸಭಾಂಗಣ, ಹೆಬ್ಬಾಳ, ಬೆಳಿಗ್ಗೆ 11ಕ್ಕೆ.
■ ಕರ್ನಾಟಕ ಮತ್ತು ವಿಶ್ವವಿದ್ಯಾನಿಲಯ: ಗ್ರಾಮೀಣ ಕ್ರೀಡಾಕೂಟ ಹಾಗೂ ಸಾಂಸ್ಕೃತಿಕ ಕಾರ್ಯಕ್ರಮ, ಸ್ಥಳ: ಮಾನಸಗಂಗೋತ್ರಿ, ಬೆಳಿಗ್ಗೆ 10ಕ್ಕೆ.
■ ಮೈಸೂರು ವಿಶ್ವವಿದ್ಯಾನಿಲಯ: ವಿಚಾರ ಸಂಕಿರಣ, ಸ್ಥಳ: ಸೆನೆಟ್ ಭವನ, ಬೆಳಿಗ್ಗೆ 10.30ಕ್ಕೆ.
■ ಶ್ರೀ ಯೋಗ ನರಸಿಂಹಸ್ವಾಮಿ ದೇವಸ್ಥಾನ: ಬ್ರಹ್ಮೋತ್ಸವ, ಸ್ಥಳ: ವಿಜಯನಗರ, ಬೆಳಿಗ್ಗೆ 8ಕ್ಕೆ.
■ ಜೆಎಸ್‌ಎಸ್ ಮಹಿಳಾ ಕಾಲೇಜು: ಅಂತರರಾಷ್ಟ್ರೀಯ ಮಹಿಳಾ ದಿನಾಚರಣೆ, ಸ್ಥಳ: ಸರಸ್ವತಿಪುರಂ, ಬೆಳಿಗ್ಗೆ 11ಕ್ಕೆ.
■ ಮೈಸೂರು ವಿಶ್ವವಿದ್ಯಾನಿಲಯ ನೌಕರರ ಸಂಘ: ಸ್ನೇಹ ಸಮ್ಮಿಲನ ಹಾಗೂ ಸನ್ಮಾನ ಕಾರ್ಯಕ್ರಮ, ಸ್ಥಳ: ಕ್ರಾಫರ್ಡ್ ಭವನ, ಮಧ್ಯಾಹ್ನ 3.30ಕ್ಕೆ.
■ ಮಾನಸ ಚಾರಿಟೇಬಲ್ ಟ್ರಸ್ಟ್: ನೃತ್ಯ ಸಂಗೀತ ಕಾರ್ಯಕ್ರಮ, ಸ್ಥಳ: ಕಲಾಮಂದಿರ, ಸಂಜೆ 6ಕ್ಕೆ.
■ ಯುವರಾಜ ಕಾಲೇಜು: ಕಾಲೇಜು ವಾರ್ಷಿಕೋತ್ಸವ, ಸ್ಥಳ: ಕಾಲೇಜು ಸಭಾಂಗಣ, ಬೆಳಿಗ್ಗೆ 10.30ಕ್ಕೆ.
■ ಶ್ರೀ ತ್ಯಾಗರಾಜ ಸಂಗೀತ ಸಭಾ: ಸಂಗೀತ ಕಚೇರಿ, ಸ್ಥಳ: ಜಗನ್ಮೋಹನ ಅರಮನೆ, ಸಂಜೆ 5.30ಕ್ಕೆ.
■ ಶ್ರೀ ರಾಮಾನುಜ ಸಭಾ: ಉಪನ್ಯಾಸ ಕಾರ್ಯಕ್ರಮ, ಸ್ಥಳ: ಶ್ರೀರಾಮಾನುಜ ರಸ್ತೆ, ಸಂಜೆ 6.30ಕ್ಕೆ.
■ ವೀಣೆ ಶೇಷಣ್ಣ ಭವನ: ವೀಣಾ ವಾದನ ಕಚೇರಿ, ಸಂಜೆ 6ಕ್ಕೆ.
■ ರಂಗಾಯಣ: ನಾಟಕ ಪ್ರದರ್ಶನ, ಸ್ಥಳ: ಭೂಮಿಗೀತ, ಸಂಜೆ 6.30ಕ್ಕೆ.
■ ಸಿಎಫ್‌ಟಿಆರ್‌ಐ: ಆಹಾರ ಸಂಸ್ಕರಣ ಕಾರ್ಯಾಗಾರ, ಬೆಳಿಗ್ಗೆ 10ಕ್ಕೆ.
■ ಶ್ರೀ ರಾಮಕೃಷ್ಣ ಆಶ್ರಮ: ಶ್ರೀ ರಾಮಕೃಷ್ಣ ಪರಮಹಂಸರ 189ನೇ ಜನ್ಮದಿನೋತ್ಸವ, ಬೆಳಿಗ್ಗೆ 5.30ರಿಂದ ಕಾರ್ಯಕ್ರಮಗಳು, ಸಂಜೆ 6.45ಕ್ಕೆ ಭಜನೆ.
ಹಾರೋಹಳ್ಳಿ ಗ್ರಾಮ (ಮೈಸೂರು ತಾಲೂಕು)
■ ಮೈಸೂರು ವಿಶ್ವವಿದ್ಯಾನಿಲಯ, ರಾಷ್ಟ್ರೀಯ ಸೇವಾ ಯೋಜನೆ ಮತ್ತು ವಿದ್ಯಾವರ್ಧಕ ಪ್ರಥಮ ದರ್ಜೆ ಕಾಲೇಜು: ವಾರ್ಷಿಕ ವಿಶೇಷ ಶಿಬಿರ, ಬೆಳಿಗ್ಗೆ 6.30ಕ್ಕೆ ಪ್ರಭಾತಫೇರಿ, 10ಕ್ಕೆ ಉಚಿತ ವೈದ್ಯಕೀಯ ತಪಾಸಣಾ ಶಿಬಿರ, ಸ್ಥಳ: ಹಾರೋಹಳ್ಳಿ ಗ್ರಾಮ, ಮೈಸೂರು ತಾಲೂಕು, ಸಂಜೆ 4.30ಕ್ಕೆ.
